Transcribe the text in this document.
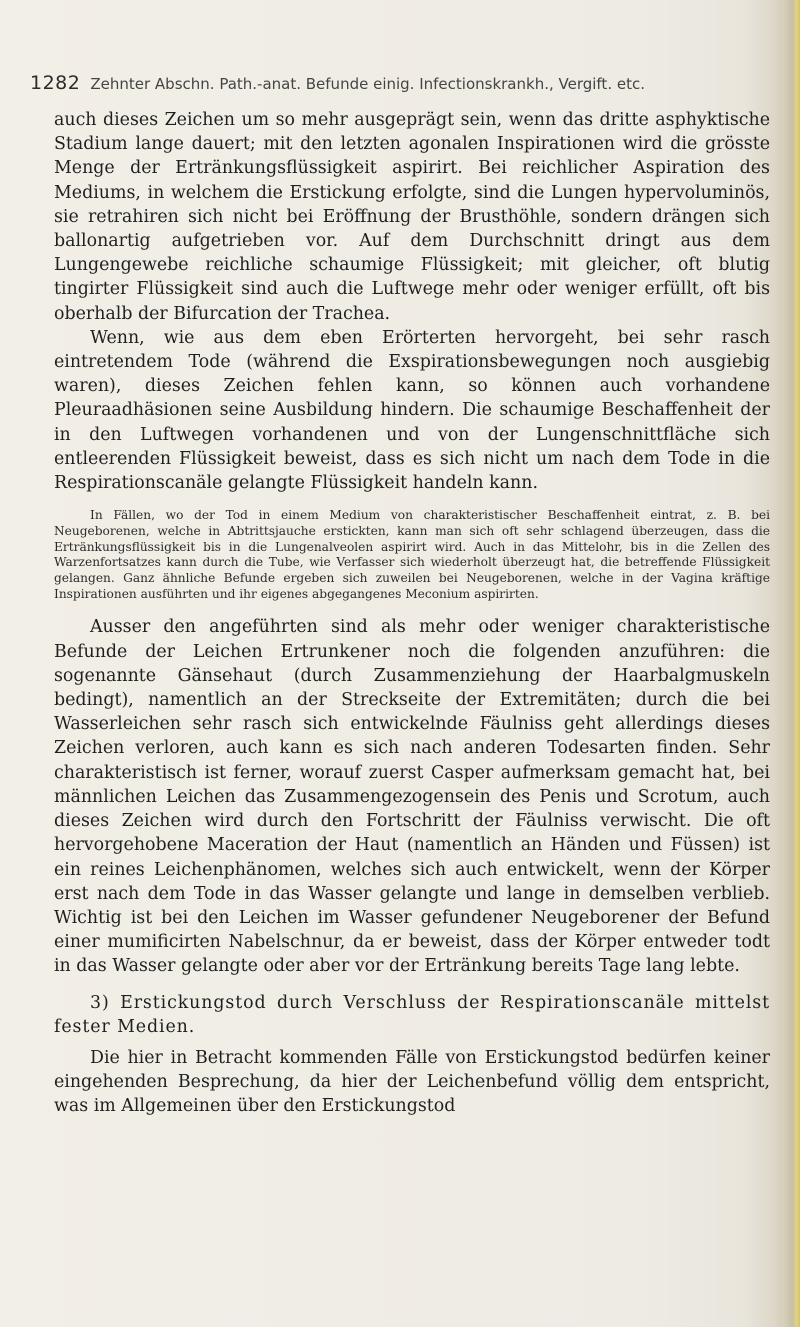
1282 Zehnter Abschn. Path.-anat. Befunde einig. Infectionskrankh., Vergift. etc.

auch dieses Zeichen um so mehr ausgeprägt sein, wenn das dritte asphyktische Stadium lange dauert; mit den letzten agonalen Inspirationen wird die grösste Menge der Ertränkungsflüssigkeit aspirirt. Bei reichlicher Aspiration des Mediums, in welchem die Erstickung erfolgte, sind die Lungen hypervoluminös, sie retrahiren sich nicht bei Eröffnung der Brusthöhle, sondern drängen sich ballonartig aufgetrieben vor. Auf dem Durchschnitt dringt aus dem Lungengewebe reichliche schaumige Flüssigkeit; mit gleicher, oft blutig tingirter Flüssigkeit sind auch die Luftwege mehr oder weniger erfüllt, oft bis oberhalb der Bifurcation der Trachea.

Wenn, wie aus dem eben Erörterten hervorgeht, bei sehr rasch eintretendem Tode (während die Exspirationsbewegungen noch ausgiebig waren), dieses Zeichen fehlen kann, so können auch vorhandene Pleuraadhäsionen seine Ausbildung hindern. Die schaumige Beschaffenheit der in den Luftwegen vorhandenen und von der Lungenschnittfläche sich entleerenden Flüssigkeit beweist, dass es sich nicht um nach dem Tode in die Respirationscanäle gelangte Flüssigkeit handeln kann.

In Fällen, wo der Tod in einem Medium von charakteristischer Beschaffenheit eintrat, z. B. bei Neugeborenen, welche in Abtrittsjauche erstickten, kann man sich oft sehr schlagend überzeugen, dass die Ertränkungsflüssigkeit bis in die Lungenalveolen aspirirt wird. Auch in das Mittelohr, bis in die Zellen des Warzenfortsatzes kann durch die Tube, wie Verfasser sich wiederholt überzeugt hat, die betreffende Flüssigkeit gelangen. Ganz ähnliche Befunde ergeben sich zuweilen bei Neugeborenen, welche in der Vagina kräftige Inspirationen ausführten und ihr eigenes abgegangenes Meconium aspirirten.

Ausser den angeführten sind als mehr oder weniger charakteristische Befunde der Leichen Ertrunkener noch die folgenden anzuführen: die sogenannte Gänsehaut (durch Zusammenziehung der Haarbalgmuskeln bedingt), namentlich an der Streckseite der Extremitäten; durch die bei Wasserleichen sehr rasch sich entwickelnde Fäulniss geht allerdings dieses Zeichen verloren, auch kann es sich nach anderen Todesarten finden. Sehr charakteristisch ist ferner, worauf zuerst Casper aufmerksam gemacht hat, bei männlichen Leichen das Zusammengezogensein des Penis und Scrotum, auch dieses Zeichen wird durch den Fortschritt der Fäulniss verwischt. Die oft hervorgehobene Maceration der Haut (namentlich an Händen und Füssen) ist ein reines Leichenphänomen, welches sich auch entwickelt, wenn der Körper erst nach dem Tode in das Wasser gelangte und lange in demselben verblieb. Wichtig ist bei den Leichen im Wasser gefundener Neugeborener der Befund einer mumificirten Nabelschnur, da er beweist, dass der Körper entweder todt in das Wasser gelangte oder aber vor der Ertränkung bereits Tage lang lebte.

3) Erstickungstod durch Verschluss der Respirationscanäle mittelst fester Medien.

Die hier in Betracht kommenden Fälle von Erstickungstod bedürfen keiner eingehenden Besprechung, da hier der Leichenbefund völlig dem entspricht, was im Allgemeinen über den Erstickungstod
